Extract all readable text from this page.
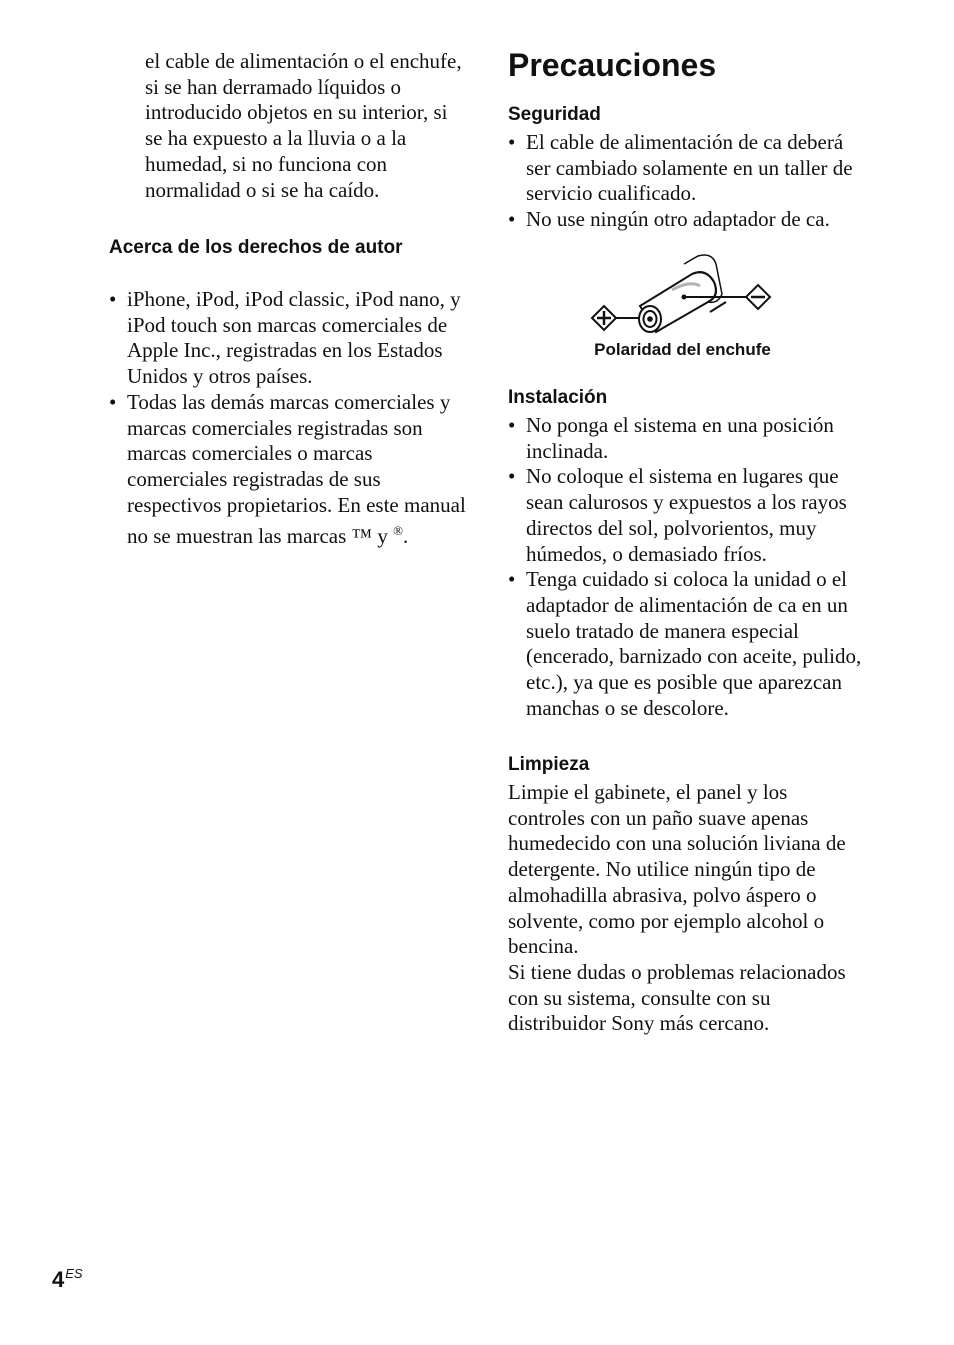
el cable de alimentación o el enchufe, si se han derramado líquidos o introducido objetos en su interior, si se ha expuesto a la lluvia o a la humedad, si no funciona con normalidad o si se ha caído.

Acerca de los derechos de autor
• iPhone, iPod, iPod classic, iPod nano, y iPod touch son marcas comerciales de Apple Inc., registradas en los Estados Unidos y otros países.
• Todas las demás marcas comerciales y marcas comerciales registradas son marcas comerciales o marcas comerciales registradas de sus respectivos propietarios. En este manual no se muestran las marcas ™ y ®.
Precauciones
Seguridad
• El cable de alimentación de ca deberá ser cambiado solamente en un taller de servicio cualificado.
• No use ningún otro adaptador de ca.
Polaridad del enchufe
Instalación
• No ponga el sistema en una posición inclinada.
• No coloque el sistema en lugares que sean calurosos y expuestos a los rayos directos del sol, polvorientos, muy húmedos, o demasiado fríos.
• Tenga cuidado si coloca la unidad o el adaptador de alimentación de ca en un suelo tratado de manera especial (encerado, barnizado con aceite, pulido, etc.), ya que es posible que aparezcan manchas o se descolore.
Limpieza

Limpie el gabinete, el panel y los controles con un paño suave apenas humedecido con una solución liviana de detergente. No utilice ningún tipo de almohadilla abrasiva, polvo áspero o solvente, como por ejemplo alcohol o bencina.

Si tiene dudas o problemas relacionados con su sistema, consulte con su distribuidor Sony más cercano.

$4^{ES}$
